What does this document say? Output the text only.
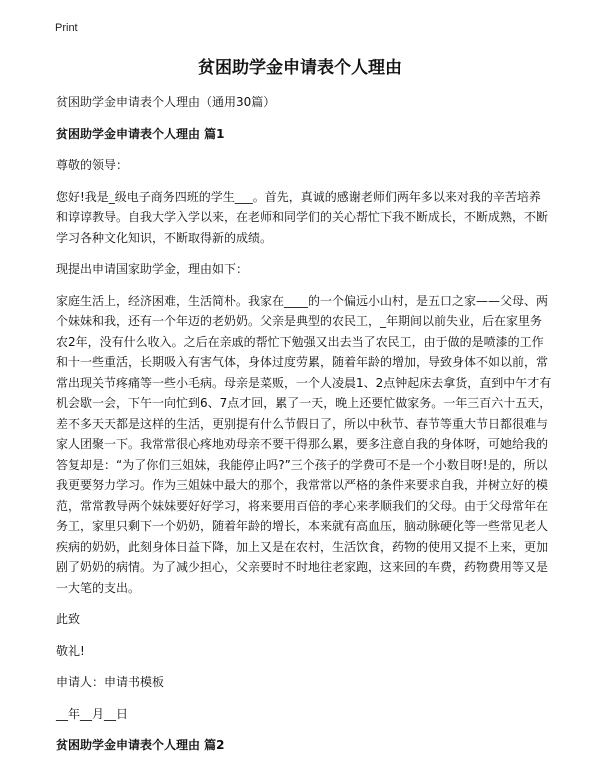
Print
贫困助学金申请表个人理由

贫困助学金申请表个人理由（通用30篇）

贫困助学金申请表个人理由 篇1

尊敬的领导：

您好!我是_级电子商务四班的学生___。首先，真诚的感谢老师们两年多以来对我的辛苦培养和谆谆教导。自我大学入学以来，在老师和同学们的关心帮忙下我不断成长，不断成熟，不断学习各种文化知识，不断取得新的成绩。

现提出申请国家助学金，理由如下：

家庭生活上，经济困难，生活简朴。我家在____的一个偏远小山村，是五口之家——父母、两个妹妹和我，还有一个年迈的老奶奶。父亲是典型的农民工，_年期间以前失业，后在家里务农2年，没有什么收入。之后在亲戚的帮忙下勉强又出去当了农民工，由于做的是喷漆的工作和十一些重活，长期吸入有害气体，身体过度劳累，随着年龄的增加，导致身体不如以前，常常出现关节疼痛等一些小毛病。母亲是菜贩，一个人凌晨1、2点钟起床去拿货，直到中午才有机会歇一会，下午一向忙到6、7点才回，累了一天，晚上还要忙做家务。一年三百六十五天，差不多天天都是这样的生活，更别提有什么节假日了，所以中秋节、春节等重大节日都很难与家人团聚一下。我常常很心疼地劝母亲不要干得那么累，要多注意自我的身体呀，可她给我的答复却是：“为了你们三姐妹，我能停止吗?”三个孩子的学费可不是一个小数目呀!是的，所以我更要努力学习。作为三姐妹中最大的那个，我常常以严格的条件来要求自我，并树立好的模范，常常教导两个妹妹要好好学习，将来要用百倍的孝心来孝顺我们的父母。由于父母常年在务工，家里只剩下一个奶奶，随着年龄的增长，本来就有高血压，脑动脉硬化等一些常见老人疾病的奶奶，此刻身体日益下降，加上又是在农村，生活饮食，药物的使用又提不上来，更加剧了奶奶的病情。为了减少担心，父亲要时不时地往老家跑，这来回的车费，药物费用等又是一大笔的支出。

此致

敬礼!

申请人：申请书模板

__年__月__日

贫困助学金申请表个人理由 篇2
